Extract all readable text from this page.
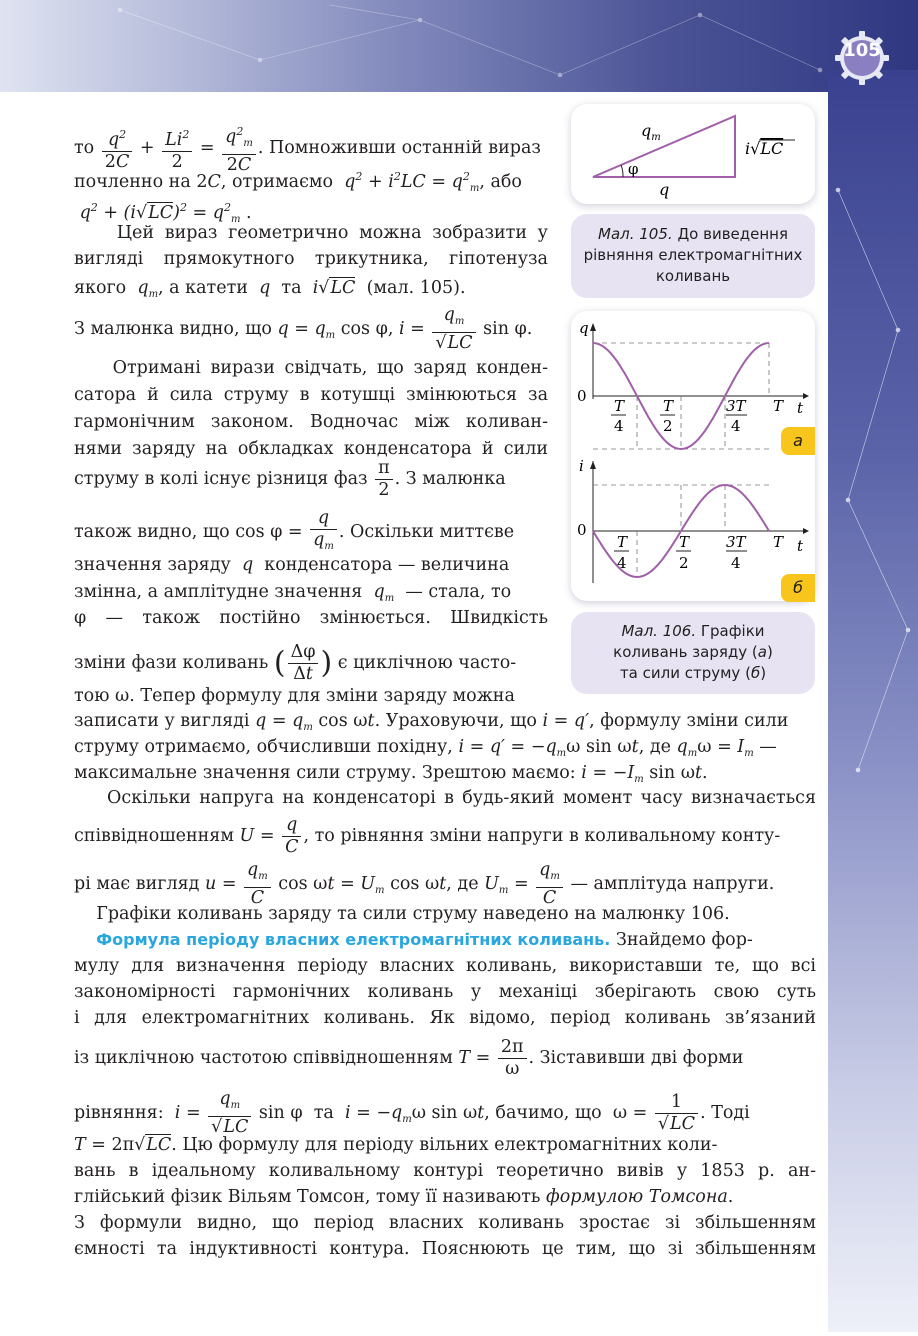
105
$q_m$
φ
q
i√LC
Мал. 105. До виведення рівняння електромагнітних коливань
q
0
t
T
4
T
2
3T
4
T
i
0
t
T
4
T
2
3T
4
T
а
б
Мал. 106. Графіки
коливань заряду (а)
та сили струму (б)
то $\frac{q^2}{2C} + \frac{Li^2}{2} = \frac{q^2_m}{2C}$ . Помноживши останній вираз
почленно на 2C, отримаємо  $q^2 + i^2LC = q^2_m$, або
$q^2 + (i√LC)^2 = q^2_m$ .
Цей вираз геометрично можна зобразити у
вигляді прямокутного трикутника, гіпотенуза
якого $q_m$, а катети q та i√LC (мал. 105).
З малюнка видно, що $q = q_m$ cos φ, $i = \frac{q_m}{√LC}$ sin φ.
Отримані вирази свідчать, що заряд конден-
сатора й сила струму в котушці змінюються за
гармонічним законом. Водночас між коливан-
нями заряду на обкладках конденсатора й сили
струму в колі існує різниця фаз $\frac{\pi}{2}$ . З малюнка
також видно, що $\cos \varphi = \frac{q}{q_m}$ . Оскільки миттєве
значення заряду q конденсатора — величина
змінна, а амплітудне значення $q_m$ — стала, то
φ — також постійно змінюється. Швидкість
зміни фази коливань ( $\frac{\Delta\varphi}{\Delta t}$ ) є циклічною часто-
тою ω. Тепер формулу для зміни заряду можна
записати у вигляді $q = q_m$ cos ωt. Ураховуючи, що i = q′, формулу зміни сили
струму отримаємо, обчисливши похідну, $i = q' = -q_m\omega$ sin ωt, де $q_m\omega = I_m$ —
максимальне значення сили струму. Зрештою маємо: $i = -I_m$ sin ωt.
Оскільки напруга на конденсаторі в будь-який момент часу визначається
співвідношенням $U = \frac{q}{C}$ , то рівняння зміни напруги в коливальному конту-
рі має вигляд $u = \frac{q_m}{C}$ $\cos \omega t = U_m$ cos ωt, де $U_m = \frac{q_m}{C}$ — амплітуда напруги.
Графіки коливань заряду та сили струму наведено на малюнку 106.
Формула періоду власних електромагнітних коливань. Знайдемо фор-
мулу для визначення періоду власних коливань, використавши те, що всі
закономірності гармонічних коливань у механіці зберігають свою суть
і для електромагнітних коливань. Як відомо, період коливань зв’язаний
із циклічною частотою співвідношенням $T = \frac{2\pi}{\omega}$ . Зіставивши дві форми
рівняння: $i = \frac{q_m}{√LC}$ sin φ  та $i = -q_m\omega$ sin ωt, бачимо, що  $\omega = \frac{1}{√LC}$ . Тоді
T = 2π√LC. Цю формулу для періоду вільних електромагнітних коли-
вань в ідеальному коливальному контурі теоретично вивів у 1853 р. ан-
глійський фізик Вільям Томсон, тому її називають формулою Томсона.
З формули видно, що період власних коливань зростає зі збільшенням
ємності та індуктивності контура. Пояснюють це тим, що зі збільшенням
